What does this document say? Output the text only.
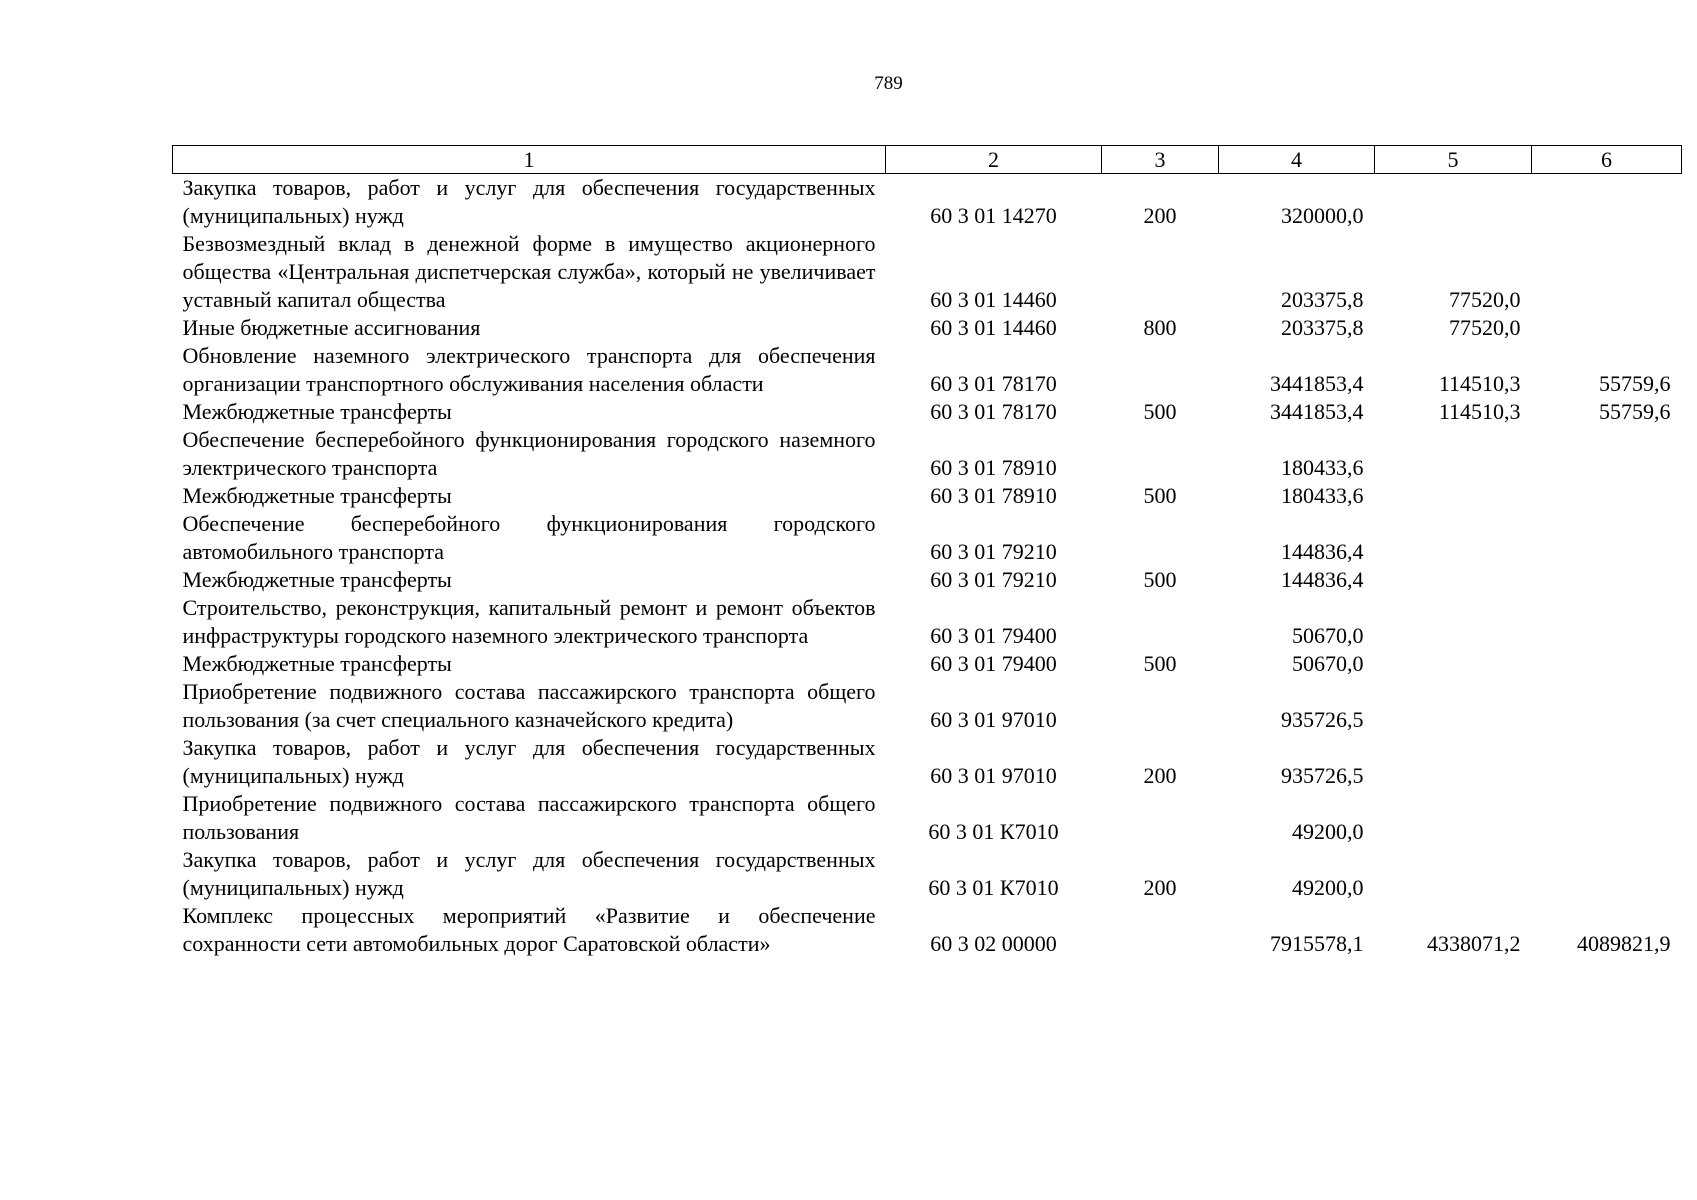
789
1	2	3	4	5	6
Закупка товаров, работ и услуг для обеспечения государственных (муниципальных) нужд	60 3 01 14270	200	320000,0		
Безвозмездный вклад в денежной форме в имущество акционерного общества «Центральная диспетчерская служба», который не увеличивает уставный капитал общества	60 3 01 14460		203375,8	77520,0	
Иные бюджетные ассигнования	60 3 01 14460	800	203375,8	77520,0	
Обновление наземного электрического транспорта для обеспечения организации транспортного обслуживания населения области	60 3 01 78170		3441853,4	114510,3	55759,6
Межбюджетные трансферты	60 3 01 78170	500	3441853,4	114510,3	55759,6
Обеспечение бесперебойного функционирования городского наземного электрического транспорта	60 3 01 78910		180433,6		
Межбюджетные трансферты	60 3 01 78910	500	180433,6		
Обеспечение бесперебойного функционирования городского автомобильного транспорта	60 3 01 79210		144836,4		
Межбюджетные трансферты	60 3 01 79210	500	144836,4		
Строительство, реконструкция, капитальный ремонт и ремонт объектов инфраструктуры городского наземного электрического транспорта	60 3 01 79400		50670,0		
Межбюджетные трансферты	60 3 01 79400	500	50670,0		
Приобретение подвижного состава пассажирского транспорта общего пользования (за счет специального казначейского кредита)	60 3 01 97010		935726,5		
Закупка товаров, работ и услуг для обеспечения государственных (муниципальных) нужд	60 3 01 97010	200	935726,5		
Приобретение подвижного состава пассажирского транспорта общего пользования	60 3 01 К7010		49200,0		
Закупка товаров, работ и услуг для обеспечения государственных (муниципальных) нужд	60 3 01 К7010	200	49200,0		
Комплекс процессных мероприятий «Развитие и обеспечение сохранности сети автомобильных дорог Саратовской области»	60 3 02 00000		7915578,1	4338071,2	4089821,9
